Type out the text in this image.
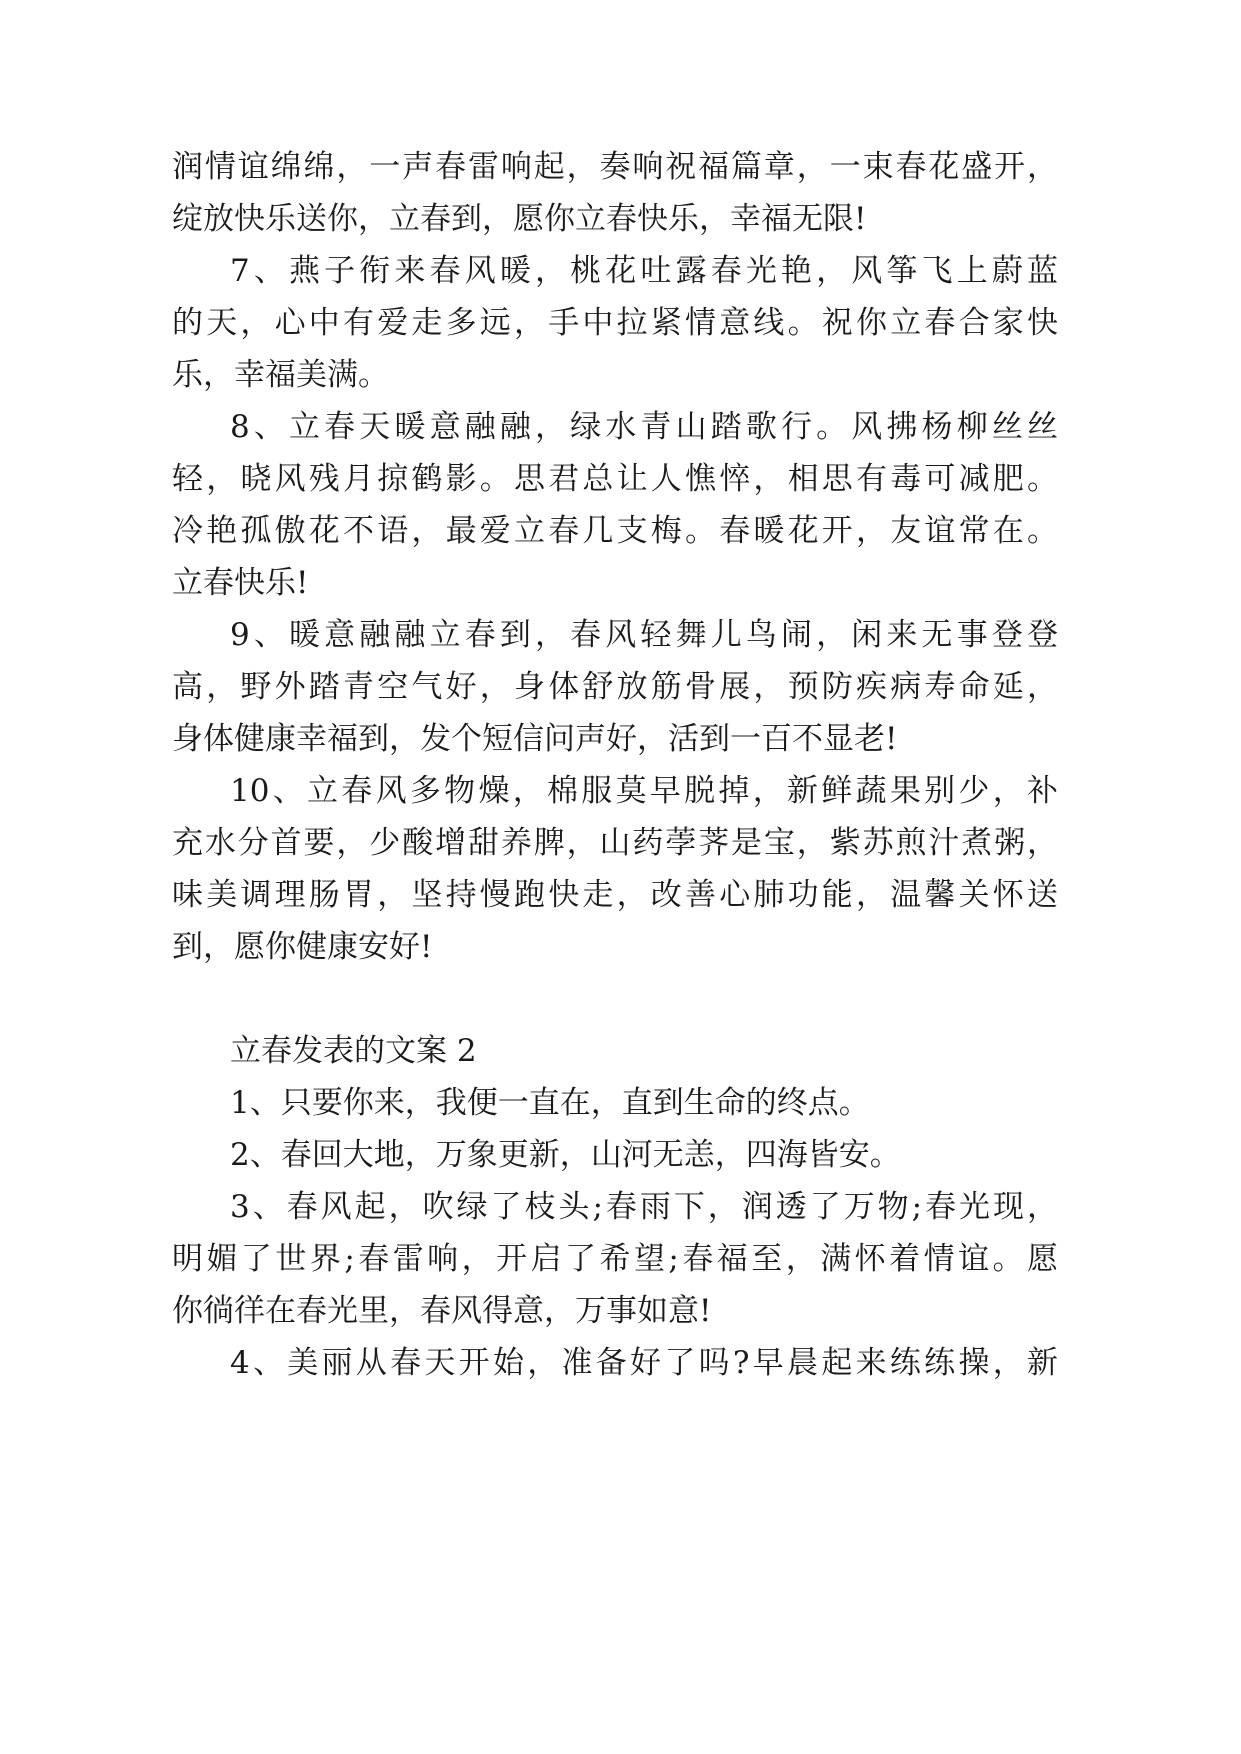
润情谊绵绵，一声春雷响起，奏响祝福篇章，一束春花盛开，
绽放快乐送你，立春到，愿你立春快乐，幸福无限!
7、燕子衔来春风暖，桃花吐露春光艳，风筝飞上蔚蓝
的天，心中有爱走多远，手中拉紧情意线。祝你立春合家快
乐，幸福美满。
8、立春天暖意融融，绿水青山踏歌行。风拂杨柳丝丝
轻，晓风残月掠鹤影。思君总让人憔悴，相思有毒可减肥。
冷艳孤傲花不语，最爱立春几支梅。春暖花开，友谊常在。
立春快乐!
9、暖意融融立春到，春风轻舞儿鸟闹，闲来无事登登
高，野外踏青空气好，身体舒放筋骨展，预防疾病寿命延，
身体健康幸福到，发个短信问声好，活到一百不显老!
10、立春风多物燥，棉服莫早脱掉，新鲜蔬果别少，补
充水分首要，少酸增甜养脾，山药荸荠是宝，紫苏煎汁煮粥，
味美调理肠胃，坚持慢跑快走，改善心肺功能，温馨关怀送
到，愿你健康安好!
立春发表的文案 2
1、只要你来，我便一直在，直到生命的终点。
2、春回大地，万象更新，山河无恙，四海皆安。
3、春风起，吹绿了枝头;春雨下，润透了万物;春光现，
明媚了世界;春雷响，开启了希望;春福至，满怀着情谊。愿
你徜徉在春光里，春风得意，万事如意!
4、美丽从春天开始，准备好了吗?早晨起来练练操，新
